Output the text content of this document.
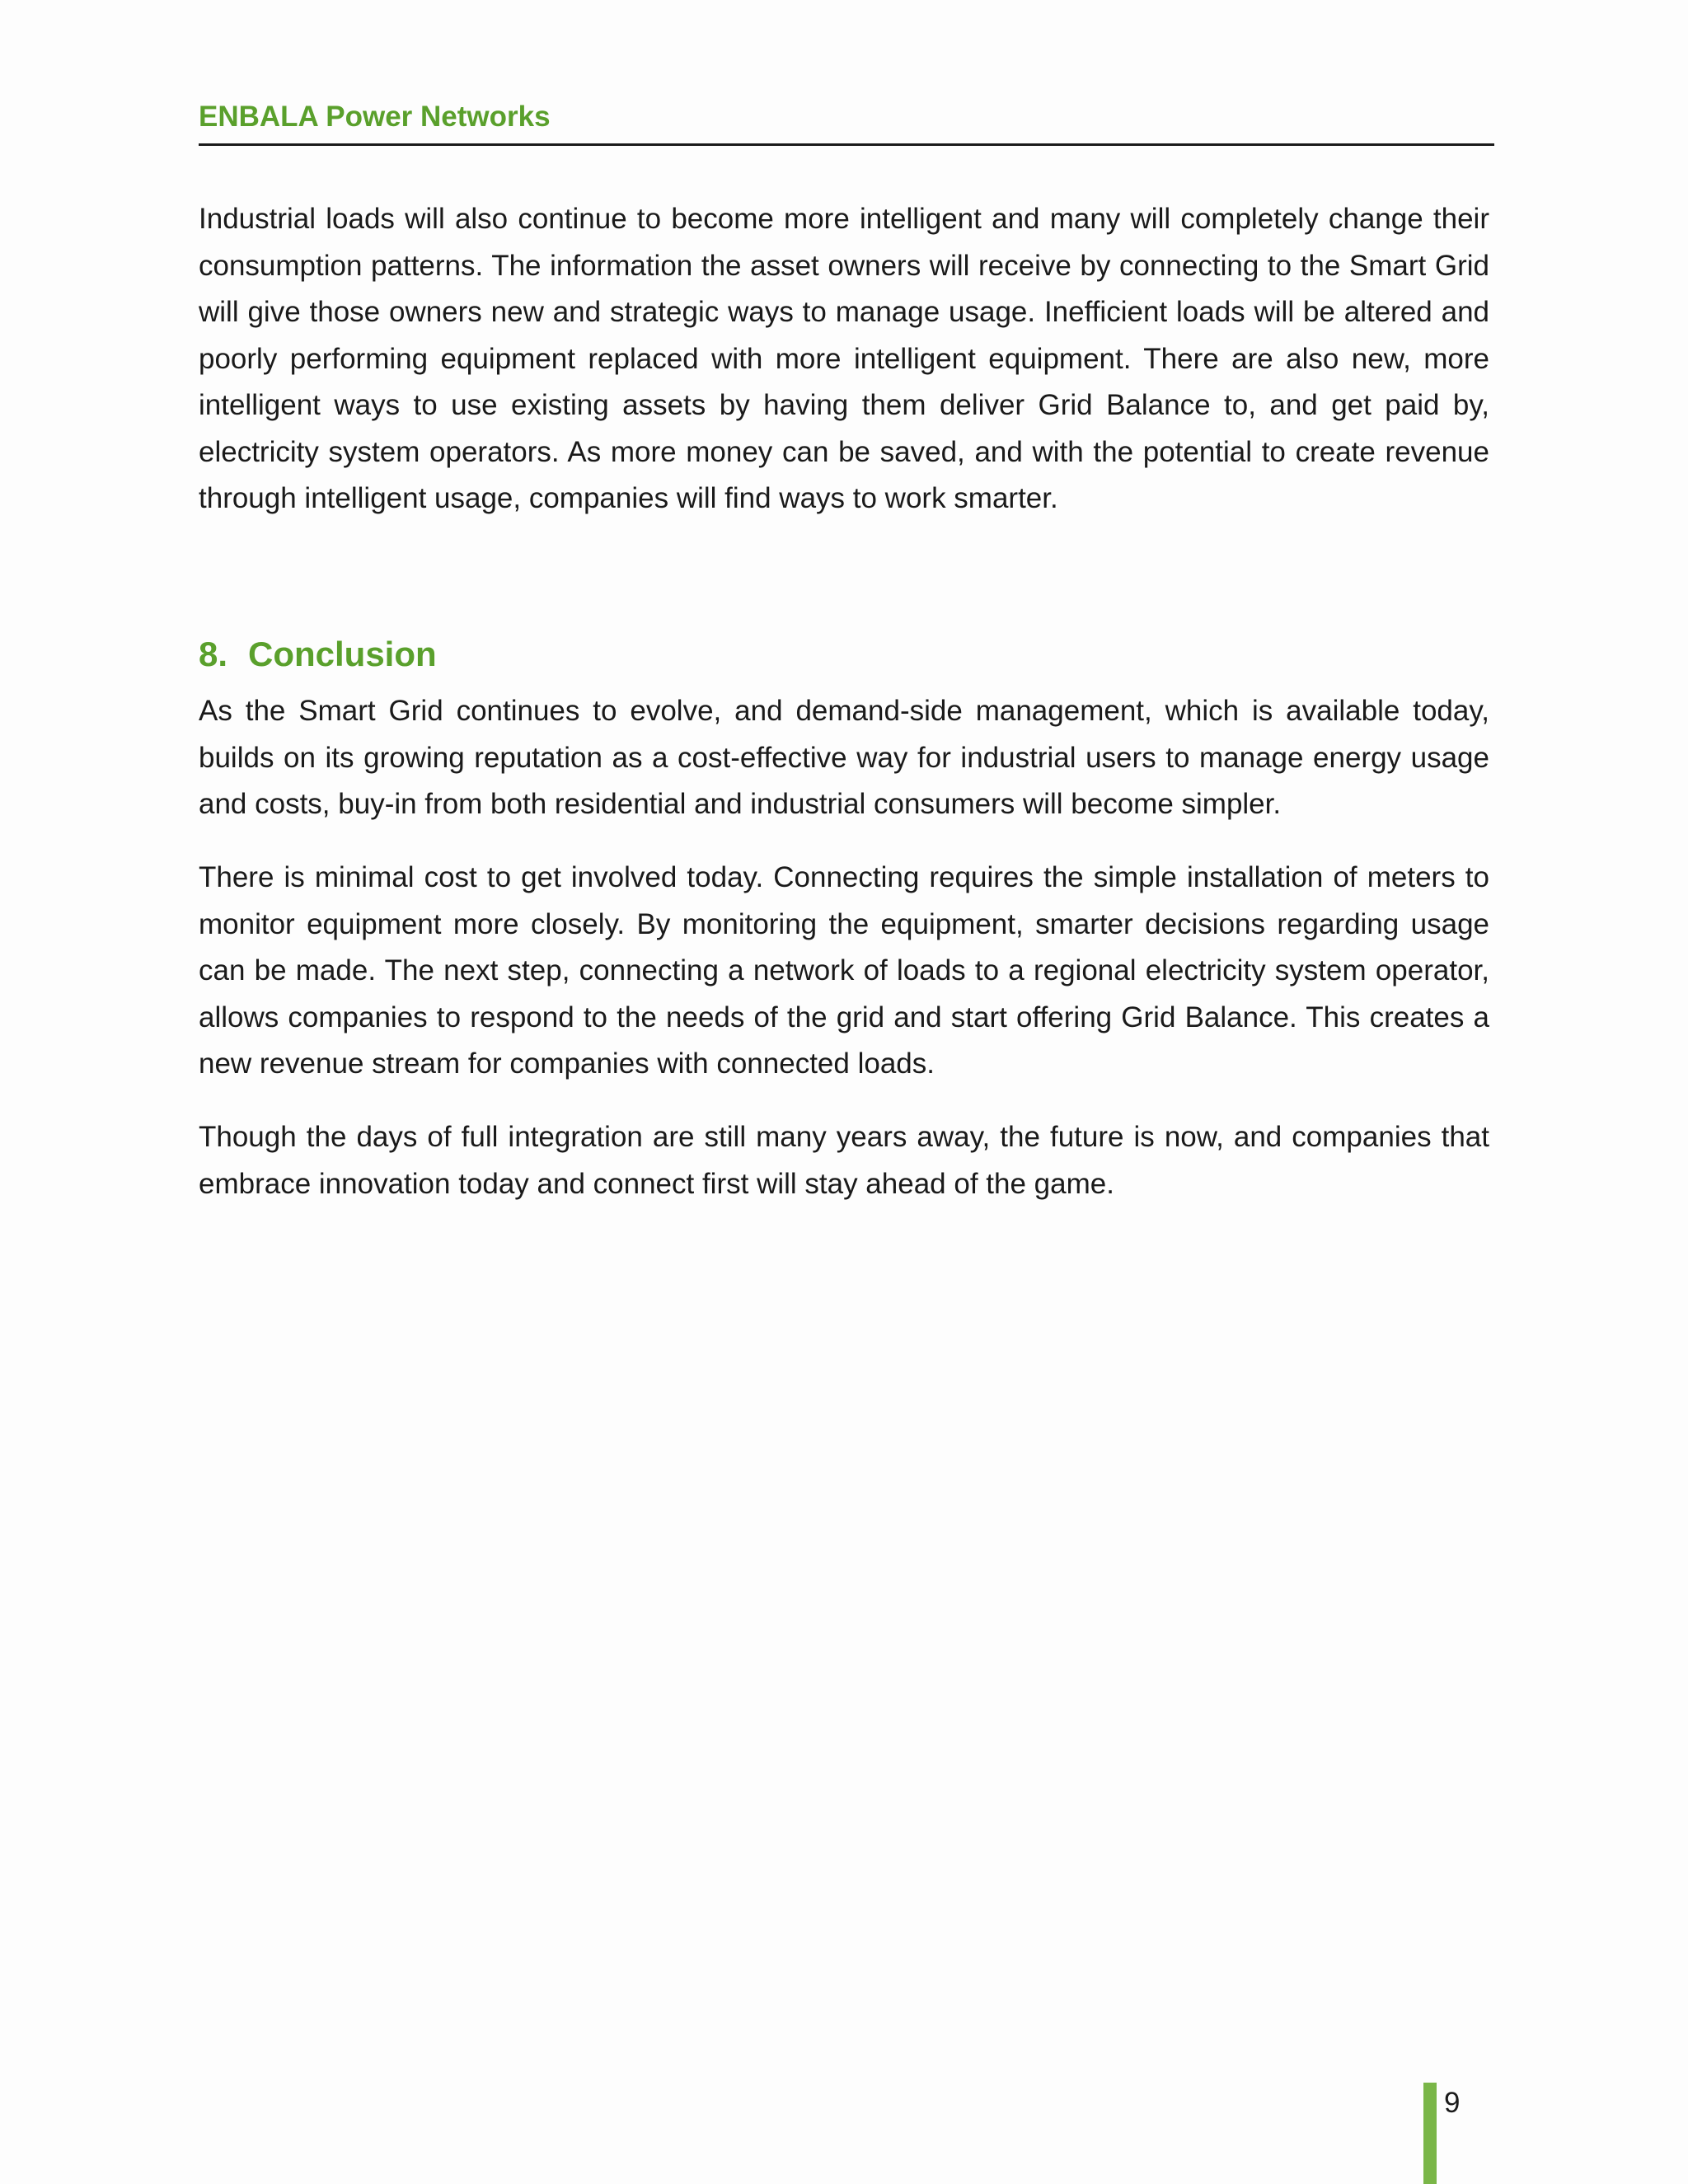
ENBALA Power Networks

Industrial loads will also continue to become more intelligent and many will completely change their consumption patterns. The information the asset owners will receive by connecting to the Smart Grid will give those owners new and strategic ways to manage usage. Inefficient loads will be altered and poorly performing equipment replaced with more intelligent equipment. There are also new, more intelligent ways to use existing assets by having them deliver Grid Balance to, and get paid by, electricity system operators. As more money can be saved, and with the potential to create revenue through intelligent usage, companies will find ways to work smarter.

8. Conclusion

As the Smart Grid continues to evolve, and demand-side management, which is available today, builds on its growing reputation as a cost-effective way for industrial users to manage energy usage and costs, buy-in from both residential and industrial consumers will become simpler.

There is minimal cost to get involved today. Connecting requires the simple installation of meters to monitor equipment more closely. By monitoring the equipment, smarter decisions regarding usage can be made. The next step, connecting a network of loads to a regional electricity system operator, allows companies to respond to the needs of the grid and start offering Grid Balance. This creates a new revenue stream for companies with connected loads.

Though the days of full integration are still many years away, the future is now, and companies that embrace innovation today and connect first will stay ahead of the game.

9
